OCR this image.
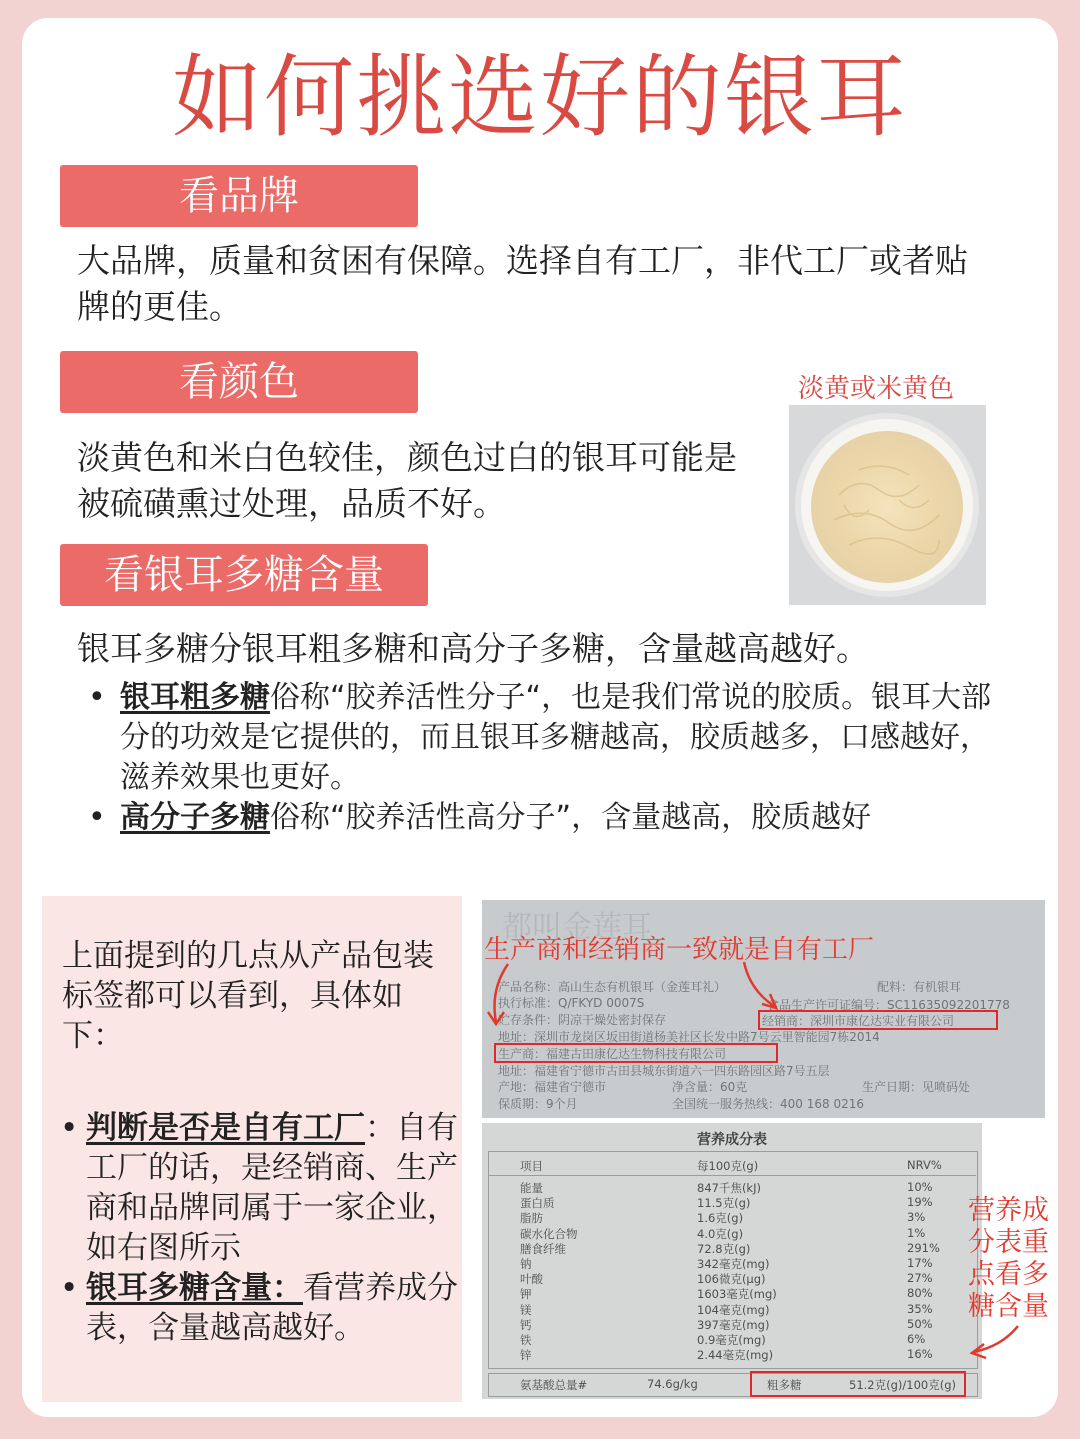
如何挑选好的银耳
看品牌
大品牌，质量和贫困有保障。选择自有工厂，非代工厂或者贴牌的更佳。
看颜色
淡黄色和米白色较佳，颜色过白的银耳可能是被硫磺熏过处理，品质不好。
淡黄或米黄色
看银耳多糖含量
银耳多糖分银耳粗多糖和高分子多糖，含量越高越好。
• 银耳粗多糖俗称“胶养活性分子“，也是我们常说的胶质。银耳大部分的功效是它提供的，而且银耳多糖越高，胶质越多，口感越好，滋养效果也更好。
• 高分子多糖俗称“胶养活性高分子”，含量越高，胶质越好
上面提到的几点从产品包装标签都可以看到，具体如下：
• 判断是否是自有工厂：自有工厂的话，是经销商、生产商和品牌同属于一家企业，如右图所示
• 银耳多糖含量：看营养成分表，含量越高越好。
都叫金莲耳
产品名称：高山生态有机银耳（金莲耳礼）	配料：有机银耳
执行标准：Q/FKYD 0007S	食品生产许可证编号：SC11635092201778
贮存条件：阴凉干燥处密封保存	经销商：深圳市康亿达实业有限公司
地址：深圳市龙岗区坂田街道杨美社区长发中路7号云里智能园7栋2014
生产商：福建古田康亿达生物科技有限公司
地址：福建省宁德市古田县城东街道六一四东路园区路7号五层
产地：福建省宁德市	净含量：60克	生产日期：见喷码处
保质期：9个月	全国统一服务热线：400 168 0216
生产商和经销商一致就是自有工厂
营养成分表
项目	每100克(g)	NRV%
能量	847千焦(kJ)	10%
蛋白质	11.5克(g)	19%
脂肪	1.6克(g)	3%
碳水化合物	4.0克(g)	1%
膳食纤维	72.8克(g)	291%
钠	342毫克(mg)	17%
叶酸	106微克(μg)	27%
钾	1603毫克(mg)	80%
镁	104毫克(mg)	35%
钙	397毫克(mg)	50%
铁	0.9毫克(mg)	6%
锌	2.44毫克(mg)	16%
氨基酸总量#	74.6g/kg	粗多糖	51.2克(g)/100克(g)
营养成分表重点看多糖含量
